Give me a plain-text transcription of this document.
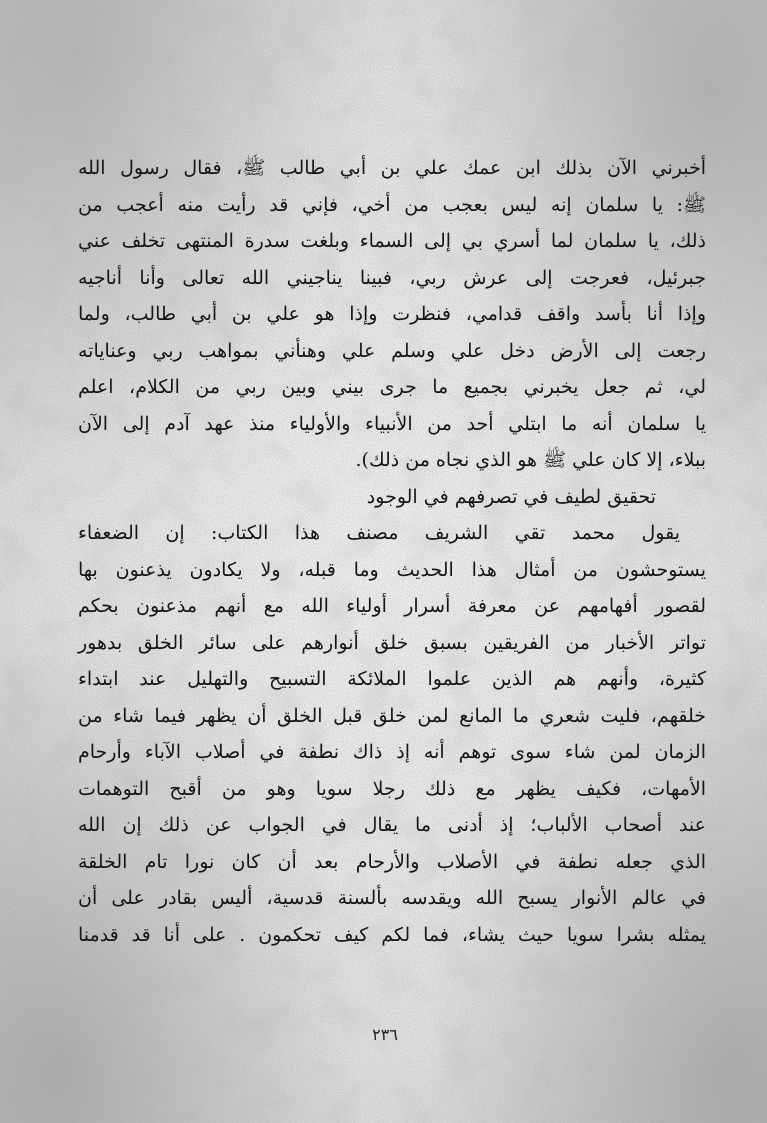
أخبرني الآن بذلك ابن عمك علي بن أبي طالب ﷺ، فقال رسول الله
ﷺ: يا سلمان إنه ليس بعجب من أخي، فإني قد رأيت منه أعجب من
ذلك، يا سلمان لما أسري بي إلى السماء وبلغت سدرة المنتهى تخلف عني
جبرئيل، فعرجت إلى عرش ربي، فبينا يناجيني الله تعالى وأنا أناجيه
وإذا أنا بأسد واقف قدامي، فنظرت وإذا هو علي بن أبي طالب، ولما
رجعت إلى الأرض دخل علي وسلم علي وهنأني بمواهب ربي وعناياته
لي، ثم جعل يخبرني بجميع ما جرى بيني وبين ربي من الكلام، اعلم
يا سلمان أنه ما ابتلي أحد من الأنبياء والأولياء منذ عهد آدم إلى الآن
ببلاء، إلا كان علي ﷺ هو الذي نجاه من ذلك).
تحقيق لطيف في تصرفهم في الوجود
يقول محمد تقي الشريف مصنف هذا الكتاب: إن الضعفاء
يستوحشون من أمثال هذا الحديث وما قبله، ولا يكادون يذعنون بها
لقصور أفهامهم عن معرفة أسرار أولياء الله مع أنهم مذعنون بحكم
تواتر الأخبار من الفريقين بسبق خلق أنوارهم على سائر الخلق بدهور
كثيرة، وأنهم هم الذين علموا الملائكة التسبيح والتهليل عند ابتداء
خلقهم، فليت شعري ما المانع لمن خلق قبل الخلق أن يظهر فيما شاء من
الزمان لمن شاء سوى توهم أنه إذ ذاك نطفة في أصلاب الآباء وأرحام
الأمهات، فكيف يظهر مع ذلك رجلا سويا وهو من أقبح التوهمات
عند أصحاب الألباب؛ إذ أدنى ما يقال في الجواب عن ذلك إن الله
الذي جعله نطفة في الأصلاب والأرحام بعد أن كان نورا تام الخلقة
في عالم الأنوار يسبح الله ويقدسه بألسنة قدسية، أليس بقادر على أن
يمثله بشرا سويا حيث يشاء، فما لكم كيف تحكمون . على أنا قد قدمنا
٢٣٦
